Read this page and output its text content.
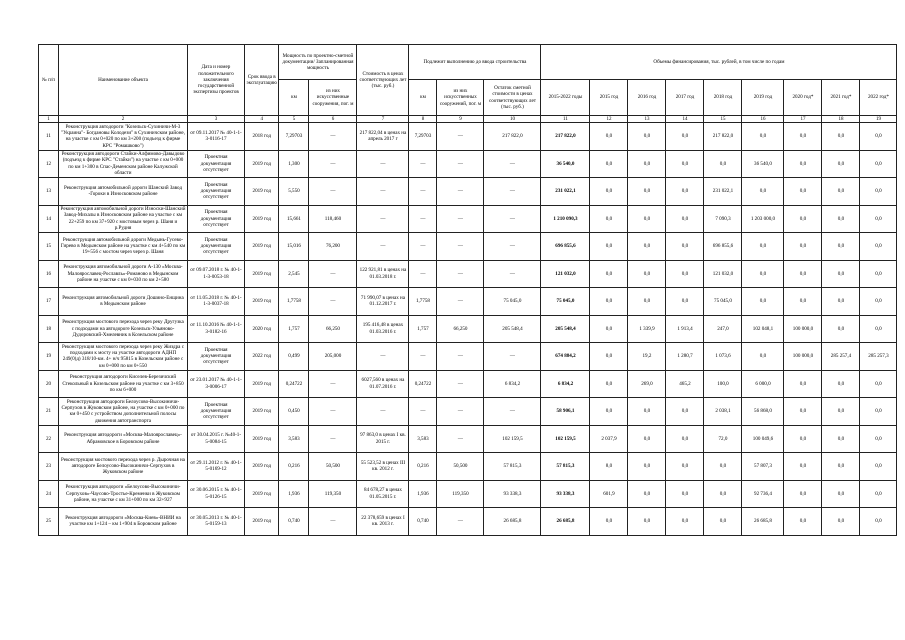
№ п/п	Наименование объекта	Дата и номер положительного заключения государственной экспертизы проектов	Срок ввода в эксплуатацию	Мощность по проектно-сметной документации/ Запланированная мощность		Стоимость в ценах соответствующих лет (тыс. руб.)	Подлежит выполнению до ввода строительства			Объемы финансирования, тыс. рублей, в том числе по годам								
				км	из них искусственные сооружения, пог. м		км	из них искусственных сооружений, пог. м	Остаток сметной стоимости в ценах соответствующих лет (тыс. руб.)	2015-2022 годы	2015 год	2016 год	2017 год	2018 год	2019 год	2020 год*	2021 год*	2022 год*
1	2	3	4	5	6	7	8	9	10	11	12	13	14	15	16	17	18	19
11	Реконструкция автодороги "Козельск-Сухиничи-М-3 "Украина"- Богдановы Колодези" в Сухиничском районе, на участке с км 0+020 по км 3+200 (подъезд к фирме КРС "Ромашково")	от 09.11.2017 № 40-1-1-3-0116-17	2018 год	7,29703	—	217 822,04 в ценах на апрель 2017 г	7,29703	—	217 822,0	217 822,0	0,0	0,0	0,0	217 822,0	0,0	0,0	0,0	0,0
12	Реконструкция автодороги Стайки-Алфимово-Давыдово (подъезд к фирме КРС "Стайки") на участке с км 0+000 по км 1+300 в Спас-Деменском районе Калужской области	Проектная документация отсутствует	2019 год	1,300	—	—	—	—	—	36 540,0	0,0	0,0	0,0	0,0	36 540,0	0,0	0,0	0,0
13	Реконструкция автомобильной дороги Шанский Завод -Гороки в Износковском районе	Проектная документация отсутствует	2019 год	5,550	—	—	—	—	—	231 022,1	0,0	0,0	0,0	231 022,1	0,0	0,0	0,0	0,0
14	Реконструкция автомобильной дороги Износки-Шанский Завод-Михалы в Износковском районе на участке с км 22+259 по км 37+920 с мостовым через р. Шаня и р.Рудня	Проектная документация отсутствует	2019 год	15,661	118,460	—	—	—	—	1 210 090,3	0,0	0,0	0,0	7 090,3	1 203 000,0	0,0	0,0	0,0
15	Реконструкция автомобильной дороги Медынь-Гусево-Гирево в Медынском районе на участке с км 4+540 по км 19+556 с мостом через через р. Шаня	Проектная документация отсутствует	2019 год	15,016	76,200	—	—	—	—	696 855,6	0,0	0,0	0,0	696 855,6	0,0	0,0	0,0	0,0
16	Реконструкция автомобильной дороги А-130 «Москва-Малоярославец-Рославль»-Романово в Медынском районе на участке с км 0+030 по км 2+580	от 09.07.2018 г. № 40-1-1-3-0053-18	2019 год	2,545	—	122 921,81 в ценах на 01.03.2018 г.	—	—	—	121 032,0	0,0	0,0	0,0	121 032,0	0,0	0,0	0,0	0,0
17	Реконструкция автомобильной дороги Дошино-Енщина в Медынском районе	от 11.05.2018 г. № 40-1-1-3-0037-18	2019 год	1,7758	—	71 990,07 в ценах на 01.12.2017 г.	1,7758	—	75 045,0	75 045,0	0,0	0,0	0,0	75 045,0	0,0	0,0	0,0	0,0
18	Реконструкция мостового перехода через реку Другузка с подходами на автодороге Козельск-Ульяново-Дудоровский-Хмелевник в Козельском районе	от 11.10.2016 № 40-1-1-3-0182-16	2020 год	1,757	66,250	195 416,48 в ценах 01.03.2016 г.	1,757	66,250	205 548,4	205 548,4	0,0	1 339,9	1 913,4	247,0	102 048,1	100 000,0	0,0	0,0
19	Реконструкция мостового перехода через реку Жиздра с подходами к мосту на участке автодороги АДНП 249(0)д) 318/10-км. 4+ н/ч 95815 в Козельском районе с км 0+000 по км 0+550	Проектная документация отсутствует	2022 год	0,499	205,000	—	—	—	—	674 884,2	0,0	19,2	1 280,7	1 073,6	0,0	100 000,0	285 257,4	285 257,3
20	Реконструкция автодороги Киселев-Березичский Стекольный в Козельском районе на участке с км 3+850 по км 6+000	от 23.01.2017 № 40-1-1-3-0006-17	2019 год	0,24722	—	6027,560 в ценах на 01.07.2016 г.	0,24722	—	6 834,2	6 834,2	0,0	269,0	465,2	100,0	6 000,0	0,0	0,0	0,0
21	Реконструкция автодороги Белоусово-Высокиничи-Серпухов в Жуковском районе, на участке с км 0+000 по км 0+450 с устройством дополнительной полосы движения автотранспорта	Проектная документация отсутствует	2019 год	0,450	—	—	—	—	—	58 906,1	0,0	0,0	0,0	2 038,1	56 868,0	0,0	0,0	0,0
22	Реконструкция автодороги «Москва-Малоярославец»-Абрамовское в Боровском районе	от 30.04.2015 г. №40-1-5-0084-15	2019 год	3,583	—	97 863,0 в ценах I кв. 2015 г.	3,583	—	102 159,5	102 159,5	2 037,9	0,0	0,0	72,0	100 049,6	0,0	0,0	0,0
23	Реконструкция мостового перехода через р. Дырочная на автодороге Белоусово-Высокиничи-Серпухов в Жуковском районе	от 29.11.2012 г. № 40-1-5-0169-12	2019 год	0,216	50,500	55 523,52 в ценах III кв. 2012 г.	0,216	50,500	57 815,3	57 815,3	8,0	0,0	0,0	0,0	57 807,3	0,0	0,0	0,0
24	Реконструкция автодороги «Белоусово-Высокиничи-Серпухов»-Чаусово-Тростье-Кременки в Жуковском районе, на участке с км 31+000 по км 32+927	от 30.06.2015 г. № 40-1-5-0126-15	2019 год	1,936	119,350	84 678,27 в ценах 01.05.2015 г.	1,936	119,350	93 338,3	93 338,3	601,9	0,0	0,0	0,0	92 736,4	0,0	0,0	0,0
25	Реконструкция автодороги «Москва-Киев»-ВНИИ на участке км 1+124 – км 1+904 в Боровском районе	от 30.05.2013 г. № 40-1-5-0159-13	2019 год	0,740	—	22 378,659 в ценах I кв. 2013 г.	0,740	—	26 685,8	26 685,8	0,0	0,0	0,0	0,0	26 685,8	0,0	0,0	0,0
